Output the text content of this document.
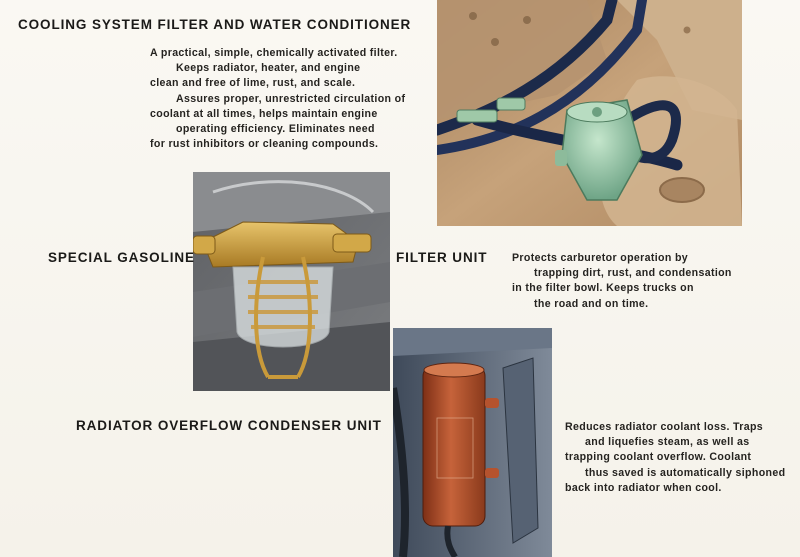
COOLING SYSTEM FILTER AND WATER CONDITIONER
A practical, simple, chemically activated filter.
Keeps radiator, heater, and engine
clean and free of lime, rust, and scale.
Assures proper, unrestricted circulation of
coolant at all times, helps maintain engine
operating efficiency. Eliminates need
for rust inhibitors or cleaning compounds.
SPECIAL GASOLINE	FILTER UNIT Protects carburetor operation by
trapping dirt, rust, and condensation
in the filter bowl. Keeps trucks on
the road and on time.
RADIATOR OVERFLOW CONDENSER UNIT	Reduces radiator coolant loss. Traps
and liquefies steam, as well as
trapping coolant overflow. Coolant
thus saved is automatically siphoned
back into radiator when cool.
